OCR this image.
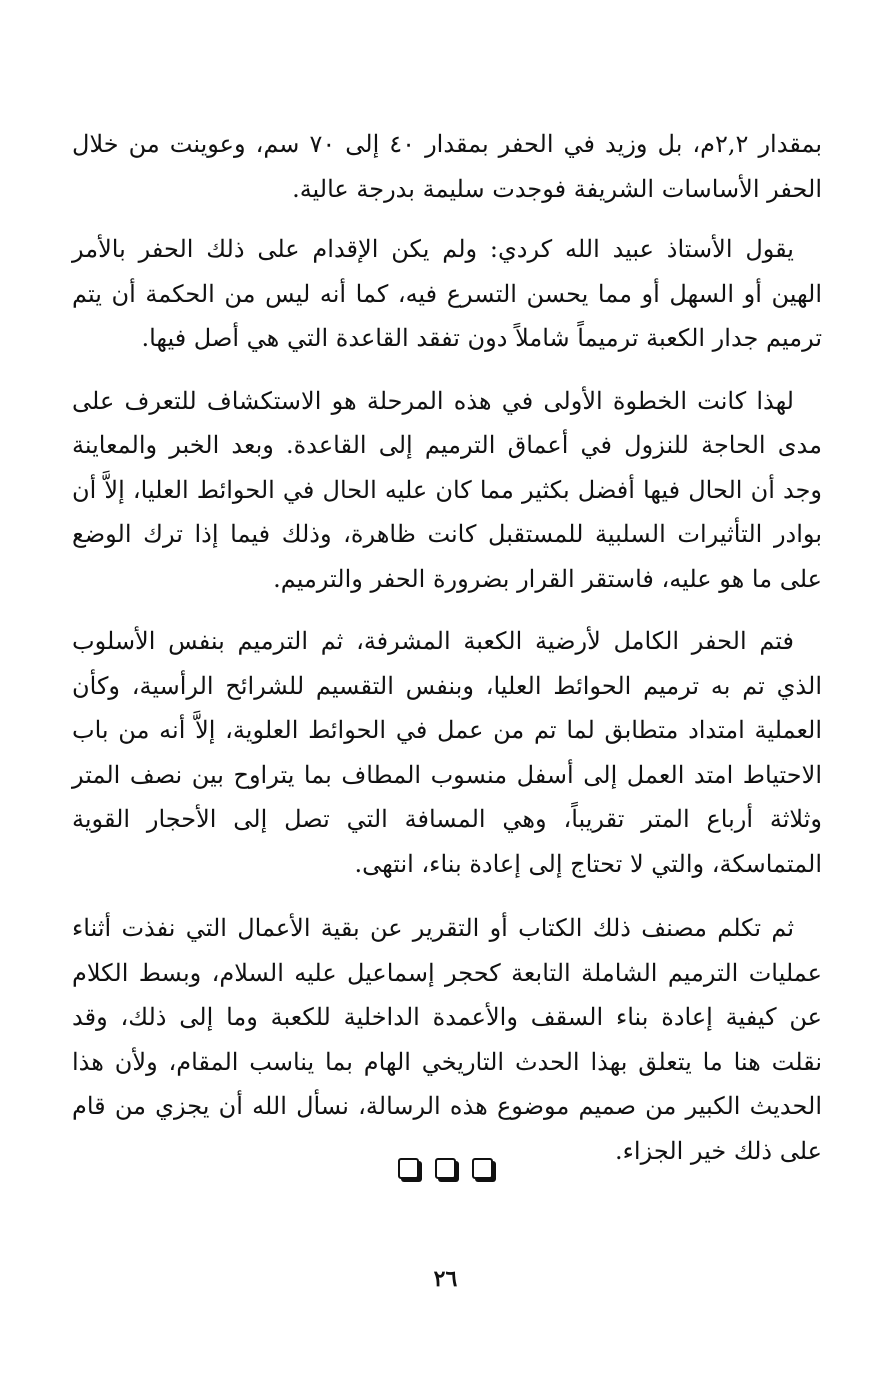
بمقدار ٢,٢م، بل وزيد في الحفر بمقدار ٤٠ إلى ٧٠ سم، وعوينت من خلال الحفر الأساسات الشريفة فوجدت سليمة بدرجة عالية.

يقول الأستاذ عبيد الله كردي: ولم يكن الإقدام على ذلك الحفر بالأمر الهين أو السهل أو مما يحسن التسرع فيه، كما أنه ليس من الحكمة أن يتم ترميم جدار الكعبة ترميماً شاملاً دون تفقد القاعدة التي هي أصل فيها.

لهذا كانت الخطوة الأولى في هذه المرحلة هو الاستكشاف للتعرف على مدى الحاجة للنزول في أعماق الترميم إلى القاعدة. وبعد الخبر والمعاينة وجد أن الحال فيها أفضل بكثير مما كان عليه الحال في الحوائط العليا، إلاَّ أن بوادر التأثيرات السلبية للمستقبل كانت ظاهرة، وذلك فيما إذا ترك الوضع على ما هو عليه، فاستقر القرار بضرورة الحفر والترميم.

فتم الحفر الكامل لأرضية الكعبة المشرفة، ثم الترميم بنفس الأسلوب الذي تم به ترميم الحوائط العليا، وبنفس التقسيم للشرائح الرأسية، وكأن العملية امتداد متطابق لما تم من عمل في الحوائط العلوية، إلاَّ أنه من باب الاحتياط امتد العمل إلى أسفل منسوب المطاف بما يتراوح بين نصف المتر وثلاثة أرباع المتر تقريباً، وهي المسافة التي تصل إلى الأحجار القوية المتماسكة، والتي لا تحتاج إلى إعادة بناء، انتهى.

ثم تكلم مصنف ذلك الكتاب أو التقرير عن بقية الأعمال التي نفذت أثناء عمليات الترميم الشاملة التابعة كحجر إسماعيل عليه السلام، وبسط الكلام عن كيفية إعادة بناء السقف والأعمدة الداخلية للكعبة وما إلى ذلك، وقد نقلت هنا ما يتعلق بهذا الحدث التاريخي الهام بما يناسب المقام، ولأن هذا الحديث الكبير من صميم موضوع هذه الرسالة، نسأل الله أن يجزي من قام على ذلك خير الجزاء.

٢٦
